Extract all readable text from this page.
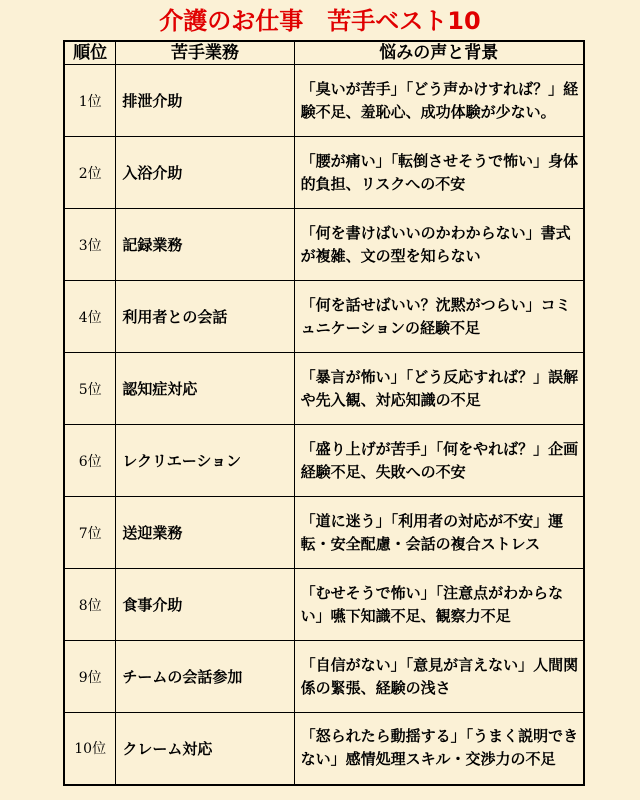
介護のお仕事　苦手ベスト10
順位	苦手業務	悩みの声と背景
1位	排泄介助	「臭いが苦手」「どう声かけすれば？」経験不足、羞恥心、成功体験が少ない。

2位	入浴介助	「腰が痛い」「転倒させそうで怖い」身体的負担、リスクへの不安

3位	記録業務	「何を書けばいいのかわからない」書式が複雑、文の型を知らない

4位	利用者との会話	「何を話せばいい？沈黙がつらい」コミュニケーションの経験不足

5位	認知症対応	「暴言が怖い」「どう反応すれば？」誤解や先入観、対応知識の不足

6位	レクリエーション	「盛り上げが苦手」「何をやれば？」企画経験不足、失敗への不安

7位	送迎業務	「道に迷う」「利用者の対応が不安」運転・安全配慮・会話の複合ストレス

8位	食事介助	「むせそうで怖い」「注意点がわからない」嚥下知識不足、観察力不足

9位	チームの会話参加	「自信がない」「意見が言えない」人間関係の緊張、経験の浅さ

10位	クレーム対応	「怒られたら動揺する」「うまく説明できない」感情処理スキル・交渉力の不足
